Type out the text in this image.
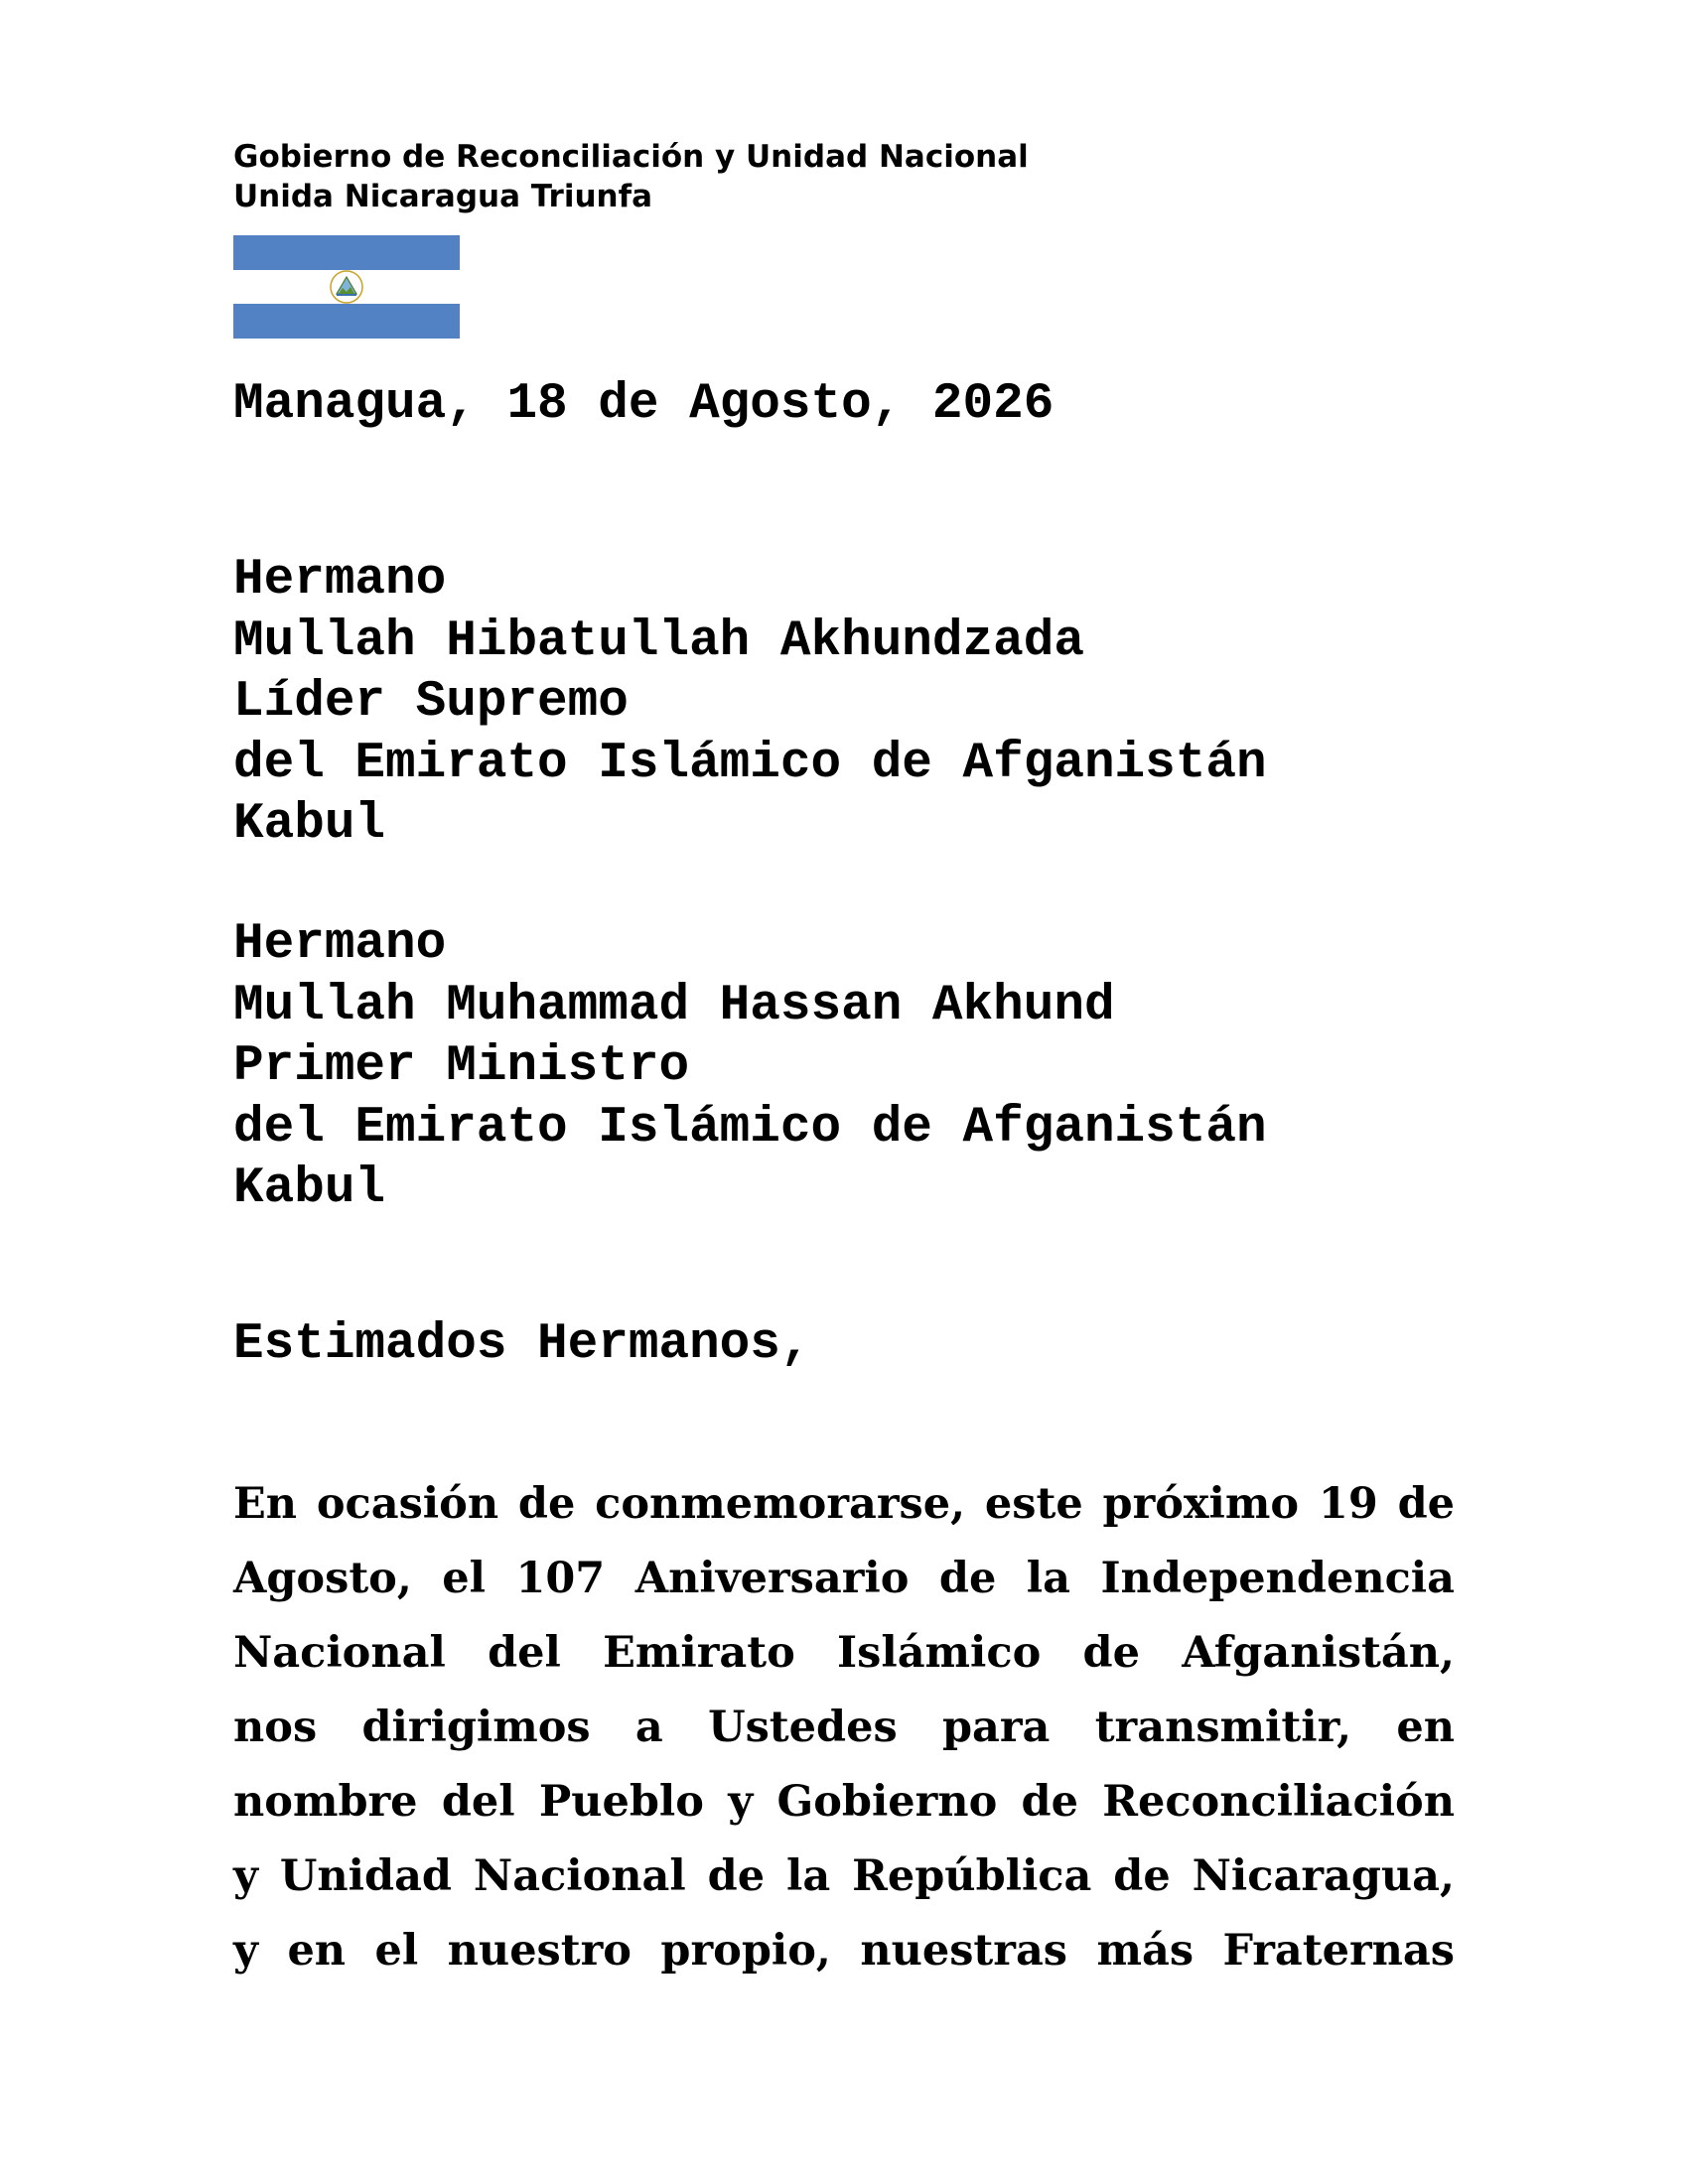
Gobierno de Reconciliación y Unidad Nacional
Unida Nicaragua Triunfa
Managua, 18 de Agosto, 2026
Hermano
Mullah Hibatullah Akhundzada
Líder Supremo
del Emirato Islámico de Afganistán
Kabul
Hermano
Mullah Muhammad Hassan Akhund
Primer Ministro
del Emirato Islámico de Afganistán
Kabul
Estimados Hermanos,
En ocasión de conmemorarse, este próximo 19 de
Agosto, el 107 Aniversario de la Independencia
Nacional del Emirato Islámico de Afganistán,
nos dirigimos a Ustedes para transmitir, en
nombre del Pueblo y Gobierno de Reconciliación
y Unidad Nacional de la República de Nicaragua,
y en el nuestro propio, nuestras más Fraternas
